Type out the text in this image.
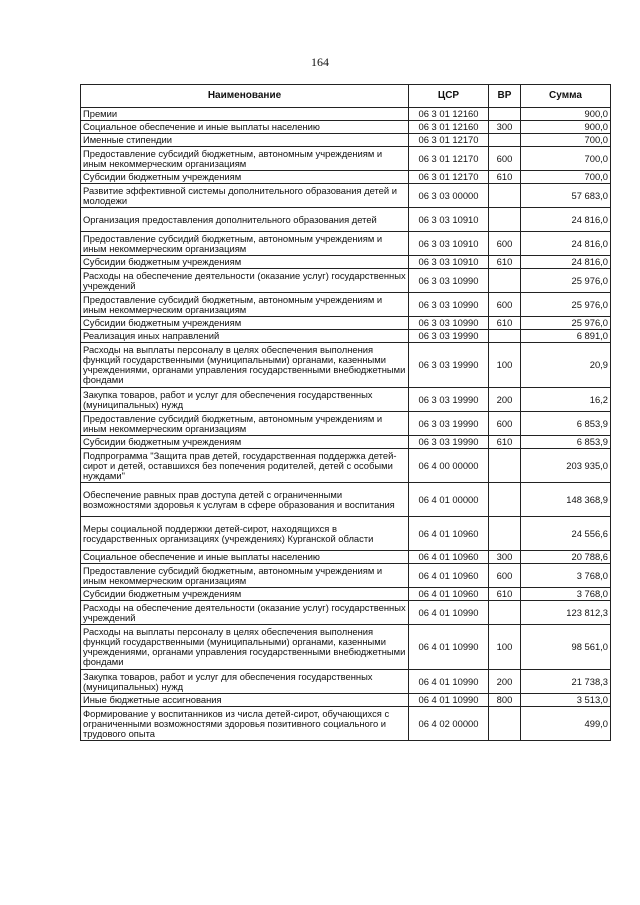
164
Наименование	ЦСР	ВР	Сумма
Премии	06 3 01 12160		900,0
Социальное обеспечение и иные выплаты населению	06 3 01 12160	300	900,0
Именные стипендии	06 3 01 12170		700,0
Предоставление субсидий бюджетным, автономным учреждениям и иным некоммерческим организациям	06 3 01 12170	600	700,0
Субсидии бюджетным учреждениям	06 3 01 12170	610	700,0
Развитие эффективной системы дополнительного образования детей и молодежи	06 3 03 00000		57 683,0
Организация предоставления дополнительного образования детей	06 3 03 10910		24 816,0
Предоставление субсидий бюджетным, автономным учреждениям и иным некоммерческим организациям	06 3 03 10910	600	24 816,0
Субсидии бюджетным учреждениям	06 3 03 10910	610	24 816,0
Расходы на обеспечение деятельности (оказание услуг) государственных учреждений	06 3 03 10990		25 976,0
Предоставление субсидий бюджетным, автономным учреждениям и иным некоммерческим организациям	06 3 03 10990	600	25 976,0
Субсидии бюджетным учреждениям	06 3 03 10990	610	25 976,0
Реализация иных направлений	06 3 03 19990		6 891,0
Расходы на выплаты персоналу в целях обеспечения выполнения функций государственными (муниципальными) органами, казенными учреждениями, органами управления государственными внебюджетными фондами	06 3 03 19990	100	20,9
Закупка товаров, работ и услуг для обеспечения государственных (муниципальных) нужд	06 3 03 19990	200	16,2
Предоставление субсидий бюджетным, автономным учреждениям и иным некоммерческим организациям	06 3 03 19990	600	6 853,9
Субсидии бюджетным учреждениям	06 3 03 19990	610	6 853,9
Подпрограмма "Защита прав детей, государственная поддержка детей-сирот и детей, оставшихся без попечения родителей, детей с особыми нуждами"	06 4 00 00000		203 935,0
Обеспечение равных прав доступа детей с ограниченными возможностями здоровья к услугам в сфере образования и воспитания	06 4 01 00000		148 368,9
Меры социальной поддержки детей-сирот, находящихся в государственных организациях (учреждениях) Курганской области	06 4 01 10960		24 556,6
Социальное обеспечение и иные выплаты населению	06 4 01 10960	300	20 788,6
Предоставление субсидий бюджетным, автономным учреждениям и иным некоммерческим организациям	06 4 01 10960	600	3 768,0
Субсидии бюджетным учреждениям	06 4 01 10960	610	3 768,0
Расходы на обеспечение деятельности (оказание услуг) государственных учреждений	06 4 01 10990		123 812,3
Расходы на выплаты персоналу в целях обеспечения выполнения функций государственными (муниципальными) органами, казенными учреждениями, органами управления государственными внебюджетными фондами	06 4 01 10990	100	98 561,0
Закупка товаров, работ и услуг для обеспечения государственных (муниципальных) нужд	06 4 01 10990	200	21 738,3
Иные бюджетные ассигнования	06 4 01 10990	800	3 513,0
Формирование у воспитанников из числа детей-сирот, обучающихся с ограниченными возможностями здоровья позитивного социального и трудового опыта	06 4 02 00000		499,0
